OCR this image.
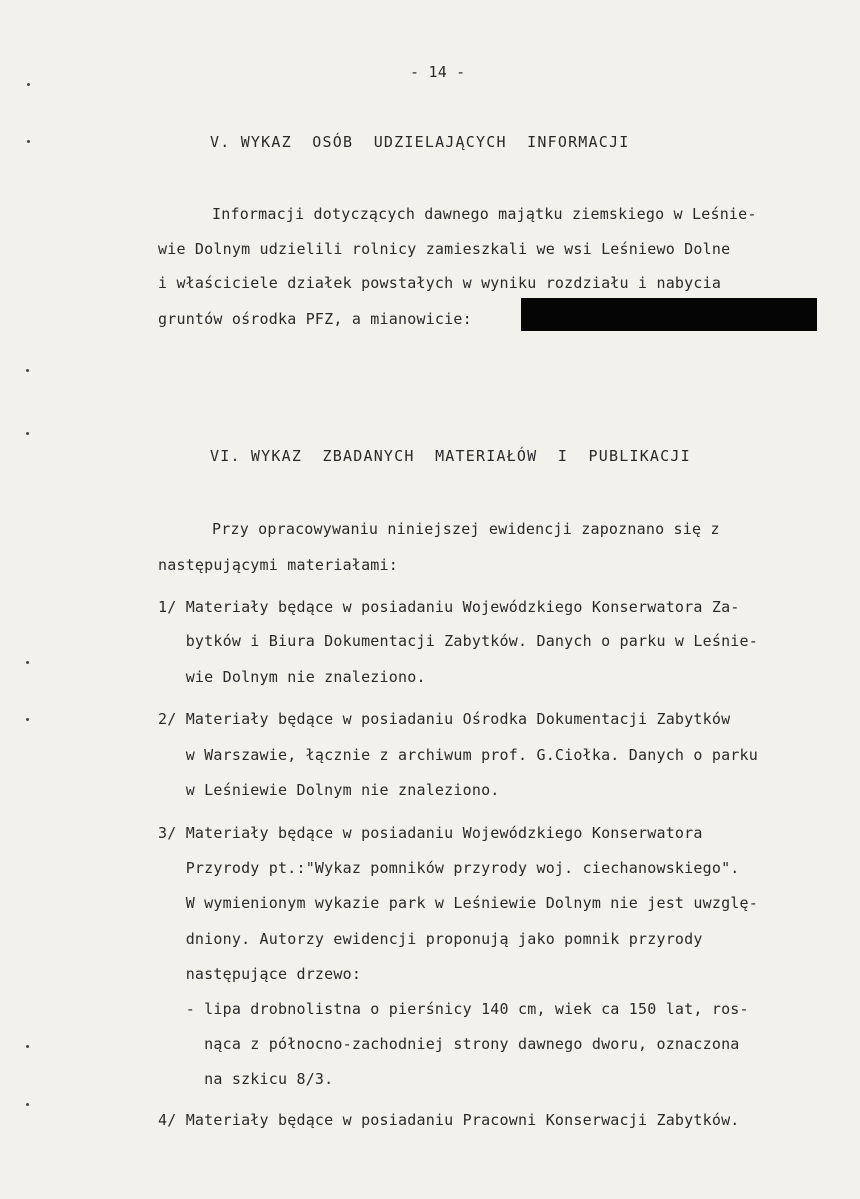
- 14 -
V. WYKAZ  OSÓB  UDZIELAJĄCYCH  INFORMACJI
Informacji dotyczących dawnego majątku ziemskiego w Leśnie-
wie Dolnym udzielili rolnicy zamieszkali we wsi Leśniewo Dolne
i właściciele działek powstałych w wyniku rozdziału i nabycia
gruntów ośrodka PFZ, a mianowicie:
VI. WYKAZ  ZBADANYCH  MATERIAŁÓW  I  PUBLIKACJI
Przy opracowywaniu niniejszej ewidencji zapoznano się z
następującymi materiałami:
1/ Materiały będące w posiadaniu Wojewódzkiego Konserwatora Za-
bytków i Biura Dokumentacji Zabytków. Danych o parku w Leśnie-
wie Dolnym nie znaleziono.
2/ Materiały będące w posiadaniu Ośrodka Dokumentacji Zabytków
w Warszawie, łącznie z archiwum prof. G.Ciołka. Danych o parku
w Leśniewie Dolnym nie znaleziono.
3/ Materiały będące w posiadaniu Wojewódzkiego Konserwatora
Przyrody pt.:"Wykaz pomników przyrody woj. ciechanowskiego".
W wymienionym wykazie park w Leśniewie Dolnym nie jest uwzglę-
dniony. Autorzy ewidencji proponują jako pomnik przyrody
następujące drzewo:
- lipa drobnolistna o pierśnicy 140 cm, wiek ca 150 lat, ros-
nąca z północno-zachodniej strony dawnego dworu, oznaczona
na szkicu 8/3.
4/ Materiały będące w posiadaniu Pracowni Konserwacji Zabytków.
